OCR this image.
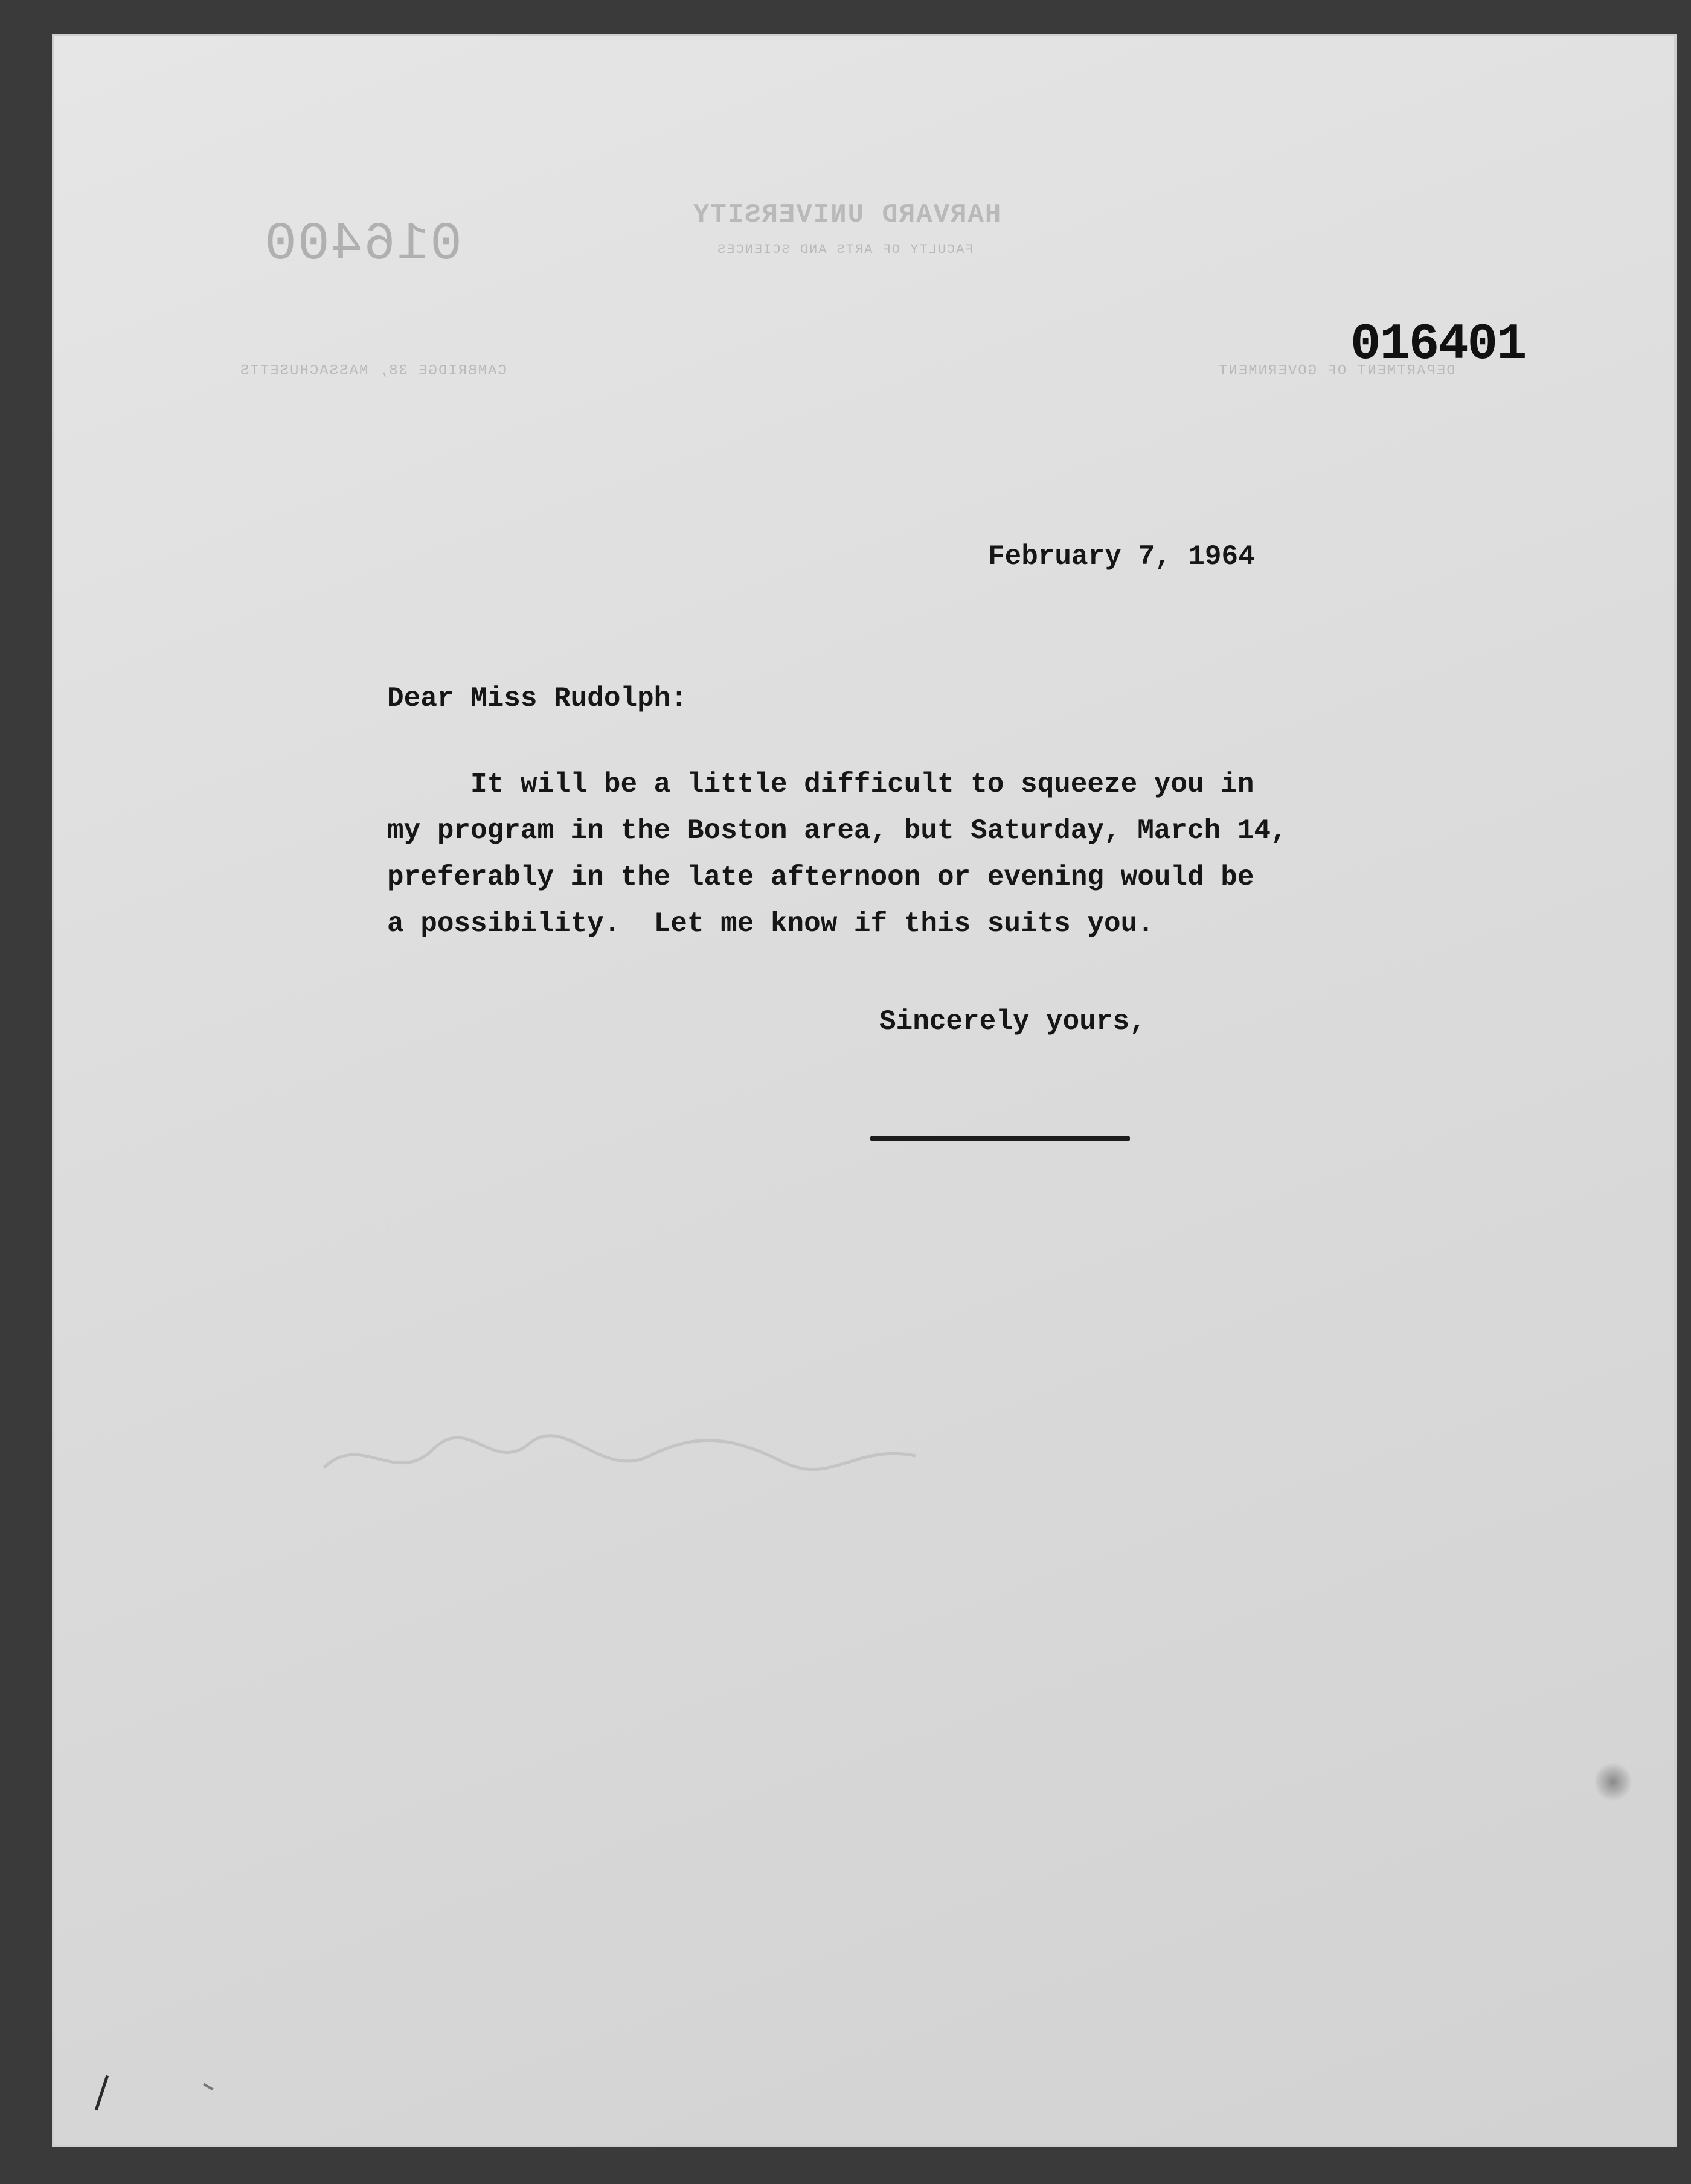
HARVARD UNIVERSITY
FACULTY OF ARTS AND SCIENCES
016400
CAMBRIDGE 38, MASSACHUSETTS	DEPARTMENT OF GOVERNMENT
016401
February 7, 1964
Dear Miss Rudolph:
It will be a little difficult to squeeze you in
my program in the Boston area, but Saturday, March 14,
preferably in the late afternoon or evening would be
a possibility.  Let me know if this suits you.
Sincerely yours,
